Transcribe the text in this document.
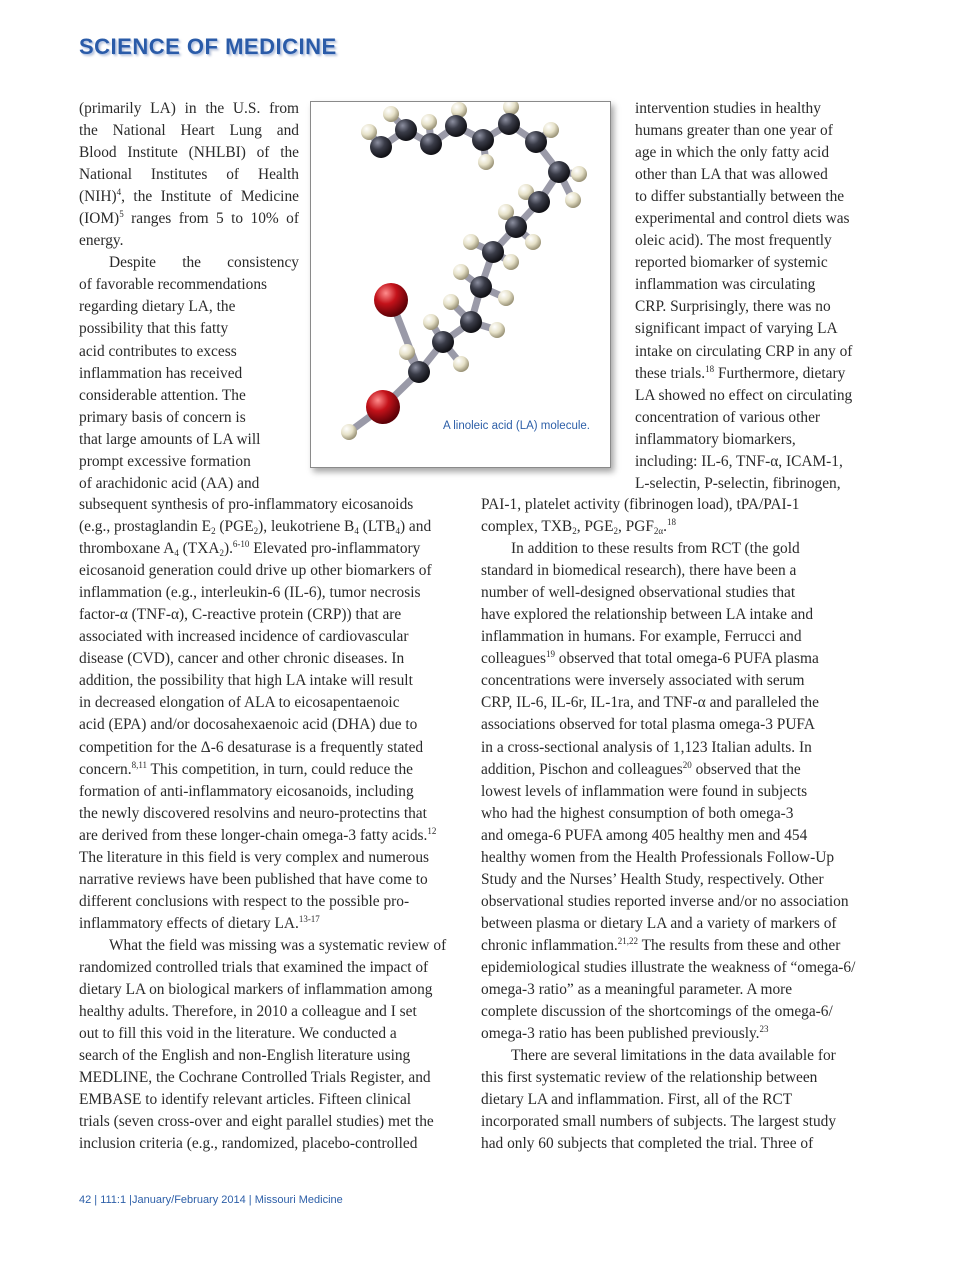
SCIENCE OF MEDICINE
(primarily LA) in the U.S. from
the National Heart Lung and
Blood Institute (NHLBI) of the
National Institutes of Health
(NIH)$^4$, the Institute of Medicine
(IOM)$^5$ ranges from 5 to 10% of
energy.
Despite the consistency
of favorable recommendations
regarding dietary LA, the
possibility that this fatty
acid contributes to excess
inflammation has received
considerable attention. The
primary basis of concern is
that large amounts of LA will
prompt excessive formation
of arachidonic acid (AA) and
A linoleic acid (LA) molecule.
intervention studies in healthy
humans greater than one year of
age in which the only fatty acid
other than LA that was allowed
to differ substantially between the
experimental and control diets was
oleic acid). The most frequently
reported biomarker of systemic
inflammation was circulating
CRP. Surprisingly, there was no
significant impact of varying LA
intake on circulating CRP in any of
these trials.$^{18}$ Furthermore, dietary
LA showed no effect on circulating
concentration of various other
inflammatory biomarkers,
including: IL-6, TNF-α, ICAM-1,
L-selectin, P-selectin, fibrinogen,
subsequent synthesis of pro-inflammatory eicosanoids
(e.g., prostaglandin $E_2$ $(PGE_2)$, leukotriene $B_4$ $(LTB_4)$ and
thromboxane $A_4$ $(TXA_2).^{6-10}$ Elevated pro-inflammatory
eicosanoid generation could drive up other biomarkers of
inflammation (e.g., interleukin-6 (IL-6), tumor necrosis
factor-α (TNF-α), C-reactive protein (CRP)) that are
associated with increased incidence of cardiovascular
disease (CVD), cancer and other chronic diseases. In
addition, the possibility that high LA intake will result
in decreased elongation of ALA to eicosapentaenoic
acid (EPA) and/or docosahexaenoic acid (DHA) due to
competition for the Δ-6 desaturase is a frequently stated
concern.$^{8,11}$ This competition, in turn, could reduce the
formation of anti-inflammatory eicosanoids, including
the newly discovered resolvins and neuro-protectins that
are derived from these longer-chain omega-3 fatty acids.$^{12}$
The literature in this field is very complex and numerous
narrative reviews have been published that have come to
different conclusions with respect to the possible pro-
inflammatory effects of dietary LA.$^{13-17}$
What the field was missing was a systematic review of
randomized controlled trials that examined the impact of
dietary LA on biological markers of inflammation among
healthy adults. Therefore, in 2010 a colleague and I set
out to fill this void in the literature. We conducted a
search of the English and non-English literature using
MEDLINE, the Cochrane Controlled Trials Register, and
EMBASE to identify relevant articles. Fifteen clinical
trials (seven cross-over and eight parallel studies) met the
inclusion criteria (e.g., randomized, placebo-controlled
PAI-1, platelet activity (fibrinogen load), tPA/PAI-1
complex, $TXB_2$, $PGE_2$, $PGF_{2\alpha}.^{18}$
In addition to these results from RCT (the gold
standard in biomedical research), there have been a
number of well-designed observational studies that
have explored the relationship between LA intake and
inflammation in humans. For example, Ferrucci and
colleagues$^{19}$ observed that total omega-6 PUFA plasma
concentrations were inversely associated with serum
CRP, IL-6, IL-6r, IL-1ra, and TNF-α and paralleled the
associations observed for total plasma omega-3 PUFA
in a cross-sectional analysis of 1,123 Italian adults. In
addition, Pischon and colleagues$^{20}$ observed that the
lowest levels of inflammation were found in subjects
who had the highest consumption of both omega-3
and omega-6 PUFA among 405 healthy men and 454
healthy women from the Health Professionals Follow-Up
Study and the Nurses’ Health Study, respectively. Other
observational studies reported inverse and/or no association
between plasma or dietary LA and a variety of markers of
chronic inflammation.$^{21,22}$ The results from these and other
epidemiological studies illustrate the weakness of “omega-6/
omega-3 ratio” as a meaningful parameter. A more
complete discussion of the shortcomings of the omega-6/
omega-3 ratio has been published previously.$^{23}$
There are several limitations in the data available for
this first systematic review of the relationship between
dietary LA and inflammation. First, all of the RCT
incorporated small numbers of subjects. The largest study
had only 60 subjects that completed the trial. Three of
42 | 111:1 |January/February 2014 | Missouri Medicine
